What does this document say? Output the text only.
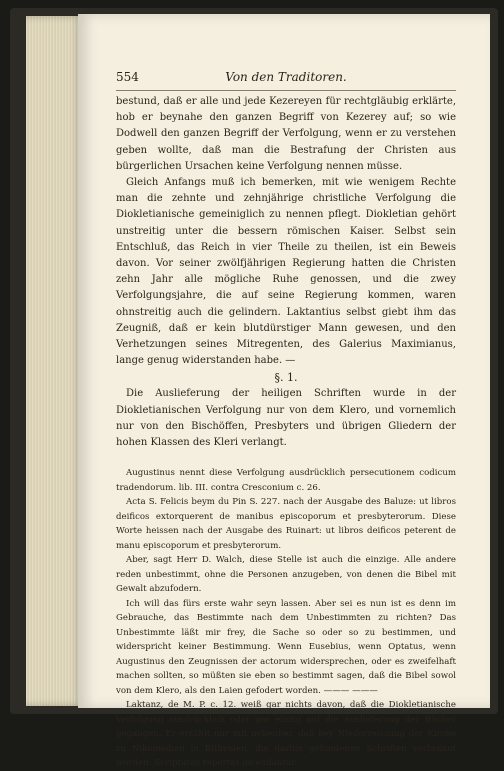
554	Von den Traditoren.

bestund, daß er alle und jede Kezereyen für rechtgläubig erklärte, hob er beynahe den ganzen Begriff von Kezerey auf; so wie Dodwell den ganzen Begriff der Verfolgung, wenn er zu verstehen geben wollte, daß man die Bestrafung der Christen aus bürgerlichen Ursachen keine Verfolgung nennen müsse.

Gleich Anfangs muß ich bemerken, mit wie wenigem Rechte man die zehnte und zehnjährige christliche Verfolgung die Diokletianische gemeiniglich zu nennen pflegt. Diokletian gehört unstreitig unter die bessern römischen Kaiser. Selbst sein Entschluß, das Reich in vier Theile zu theilen, ist ein Beweis davon. Vor seiner zwölfjährigen Regierung hatten die Christen zehn Jahr alle mögliche Ruhe genossen, und die zwey Verfolgungsjahre, die auf seine Regierung kommen, waren ohnstreitig auch die gelindern. Laktantius selbst giebt ihm das Zeugniß, daß er kein blutdürstiger Mann gewesen, und den Verhetzungen seines Mitregenten, des Galerius Maximianus, lange genug widerstanden habe. —

§. 1.

Die Auslieferung der heiligen Schriften wurde in der Diokletianischen Verfolgung nur von dem Klero, und vornemlich nur von den Bischöffen, Presbyters und übrigen Gliedern der hohen Klassen des Kleri verlangt.

Augustinus nennt diese Verfolgung ausdrücklich persecutionem codicum tradendorum. lib. III. contra Cresconium c. 26.

Acta S. Felicis beym du Pin S. 227. nach der Ausgabe des Baluze: ut libros deificos extorquerent de manibus episcoporum et presbyterorum. Diese Worte heissen nach der Ausgabe des Ruinart: ut libros deificos peterent de manu episcoporum et presbyterorum.

Aber, sagt Herr D. Walch, diese Stelle ist auch die einzige. Alle andere reden unbestimmt, ohne die Personen anzugeben, von denen die Bibel mit Gewalt abzufodern.

Ich will das fürs erste wahr seyn lassen. Aber sei es nun ist es denn im Gebrauche, das Bestimmte nach dem Unbestimmten zu richten? Das Unbestimmte läßt mir frey, die Sache so oder so zu bestimmen, und widerspricht keiner Bestimmung. Wenn Eusebius, wenn Optatus, wenn Augustinus den Zeugnissen der actorum widersprechen, oder es zweifelhaft machen sollten, so müßten sie eben so bestimmt sagen, daß die Bibel sowol von dem Klero, als den Laien gefodert worden. ——— ———

Laktanz, de M. P. c. 12. weiß gar nichts davon, daß die Diokletianische Verfolgung ausdrücklich oder gar einzig auf die Auslieferung der Bücher gegangen. Er erzählt nur mit nebenher, daß bey Niederreissung der Kirche zu Nikomedien in Bithynien, die darinn gefundenen Schriften verbrannt worden: Scripturas repertas incendantur.
